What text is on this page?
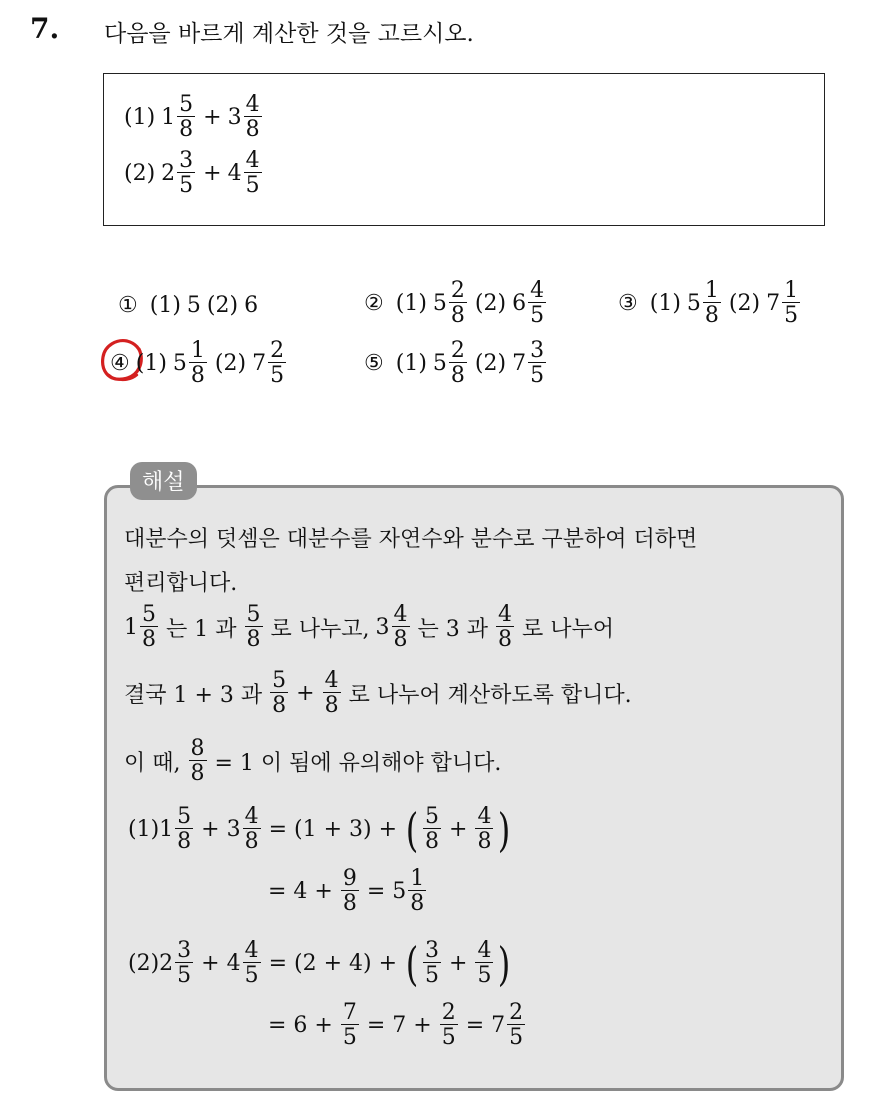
7. 다음을 바르게 계산한 것을 고르시오.
(1) $1 \frac{5}{8} + 3 \frac{4}{8}$
(2) $2 \frac{3}{5} + 4 \frac{4}{5}$
① (1) 5 (2) 6	② (1) $5 \frac{2}{8} (2)$ $6 \frac{4}{5}$	③ (1) $5 \frac{1}{8} (2)$ $7 \frac{1}{5}$
④ (1) $5 \frac{1}{8} (2)$ $7 \frac{2}{5}$	⑤ (1) $5 \frac{2}{8} (2)$ $7 \frac{3}{5}$
해설
대분수의 덧셈은 대분수를 자연수와 분수로 구분하여 더하면
편리합니다.
$1 \frac{5}{8}$ 는 1 과 $\frac{5}{8}$ 로 나누고, $3 \frac{4}{8}$ 는 3 과 $\frac{4}{8}$ 로 나누어
결국 1 + 3 과 $\frac{5}{8} + \frac{4}{8}$ 로 나누어 계산하도록 합니다.
이 때, $\frac{8}{8} = 1$ 이 됨에 유의해야 합니다.
$(1)1 \frac{5}{8} + 3 \frac{4}{8} = (1 + 3)$ + ( $\frac{5}{8} + \frac{4}{8}$ )
= $4 + \frac{9}{8} = 5 \frac{1}{8}$
$(2)2 \frac{3}{5} + 4 \frac{4}{5} = (2 + 4)$ + ( $\frac{3}{5} + \frac{4}{5}$ )
= $6 + \frac{7}{5} = 7 + \frac{2}{5} = 7 \frac{2}{5}$
